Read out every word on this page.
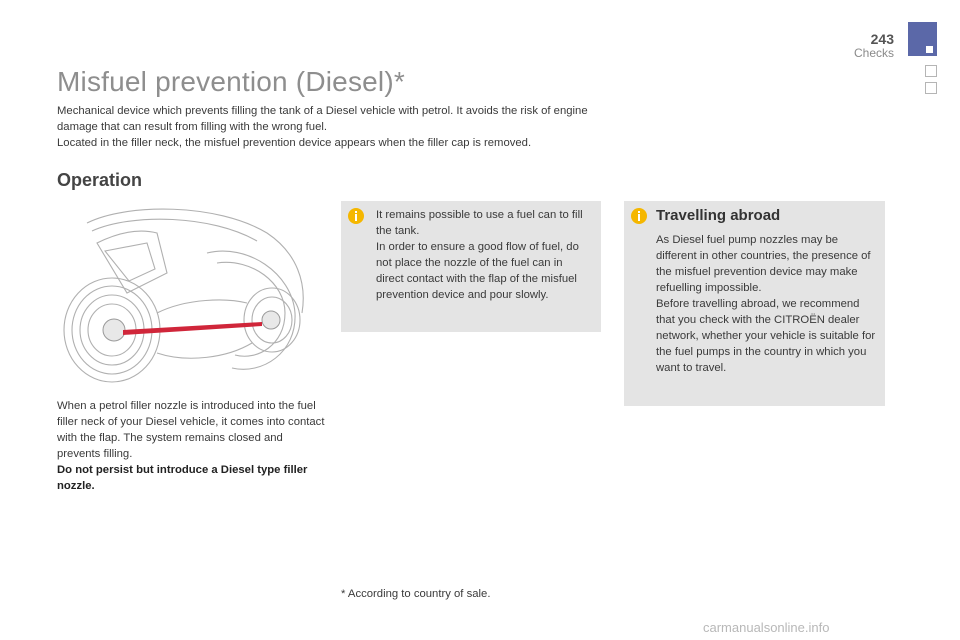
243
Checks
Misfuel prevention (Diesel)*

Mechanical device which prevents filling the tank of a Diesel vehicle with petrol. It avoids the risk of engine damage that can result from filling with the wrong fuel.

Located in the filler neck, the misfuel prevention device appears when the filler cap is removed.

Operation

When a petrol filler nozzle is introduced into the fuel filler neck of your Diesel vehicle, it comes into contact with the flap. The system remains closed and prevents filling.

Do not persist but introduce a Diesel type filler nozzle.

It remains possible to use a fuel can to fill the tank.

In order to ensure a good flow of fuel, do not place the nozzle of the fuel can in direct contact with the flap of the misfuel prevention device and pour slowly.

Travelling abroad

As Diesel fuel pump nozzles may be different in other countries, the presence of the misfuel prevention device may make refuelling impossible.

Before travelling abroad, we recommend that you check with the CITROËN dealer network, whether your vehicle is suitable for the fuel pumps in the country in which you want to travel.

* According to country of sale.
carmanualsonline.info
